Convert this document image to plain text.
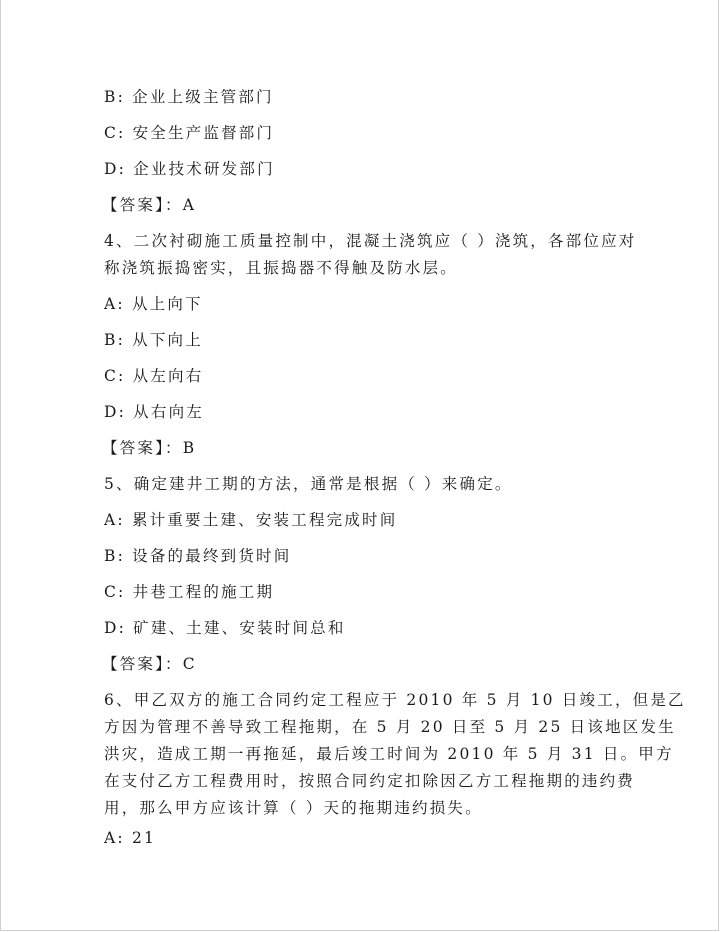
B: 企业上级主管部门
C: 安全生产监督部门
D: 企业技术研发部门
【答案】：A
4、二次衬砌施工质量控制中，混凝土浇筑应（ ）浇筑，各部位应对
称浇筑振捣密实，且振捣器不得触及防水层。
A: 从上向下
B: 从下向上
C: 从左向右
D: 从右向左
【答案】：B
5、确定建井工期的方法，通常是根据（ ）来确定。
A: 累计重要土建、安装工程完成时间
B: 设备的最终到货时间
C: 井巷工程的施工期
D: 矿建、土建、安装时间总和
【答案】：C
6、甲乙双方的施工合同约定工程应于 2010 年 5 月 10 日竣工，但是乙
方因为管理不善导致工程拖期，在 5 月 20 日至 5 月 25 日该地区发生
洪灾，造成工期一再拖延，最后竣工时间为 2010 年 5 月 31 日。甲方
在支付乙方工程费用时，按照合同约定扣除因乙方工程拖期的违约费
用，那么甲方应该计算（ ）天的拖期违约损失。
A: 21
